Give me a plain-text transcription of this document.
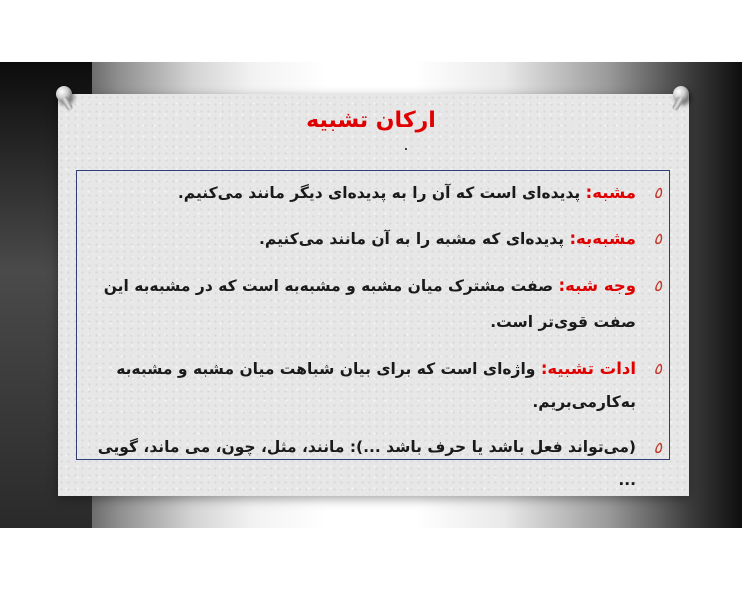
ارکان تشبیه
٥
مشبه: پدیده‌ای است که آن را به پدیده‌ای دیگر مانند می‌کنیم.
٥
مشبه‌به: پدیده‌ای که مشبه را به آن مانند می‌کنیم.
٥
وجه شبه: صفت مشترک میان مشبه و مشبه‌به است که در مشبه‌به این صفت قوی‌تر است.
٥
ادات تشبیه: واژه‌ای است که برای بیان شباهت میان مشبه و مشبه‌به به‌کارمی‌بریم.
٥
(می‌تواند فعل باشد یا حرف باشد ...): مانند، مثل، چون، می ماند، گویی ...
